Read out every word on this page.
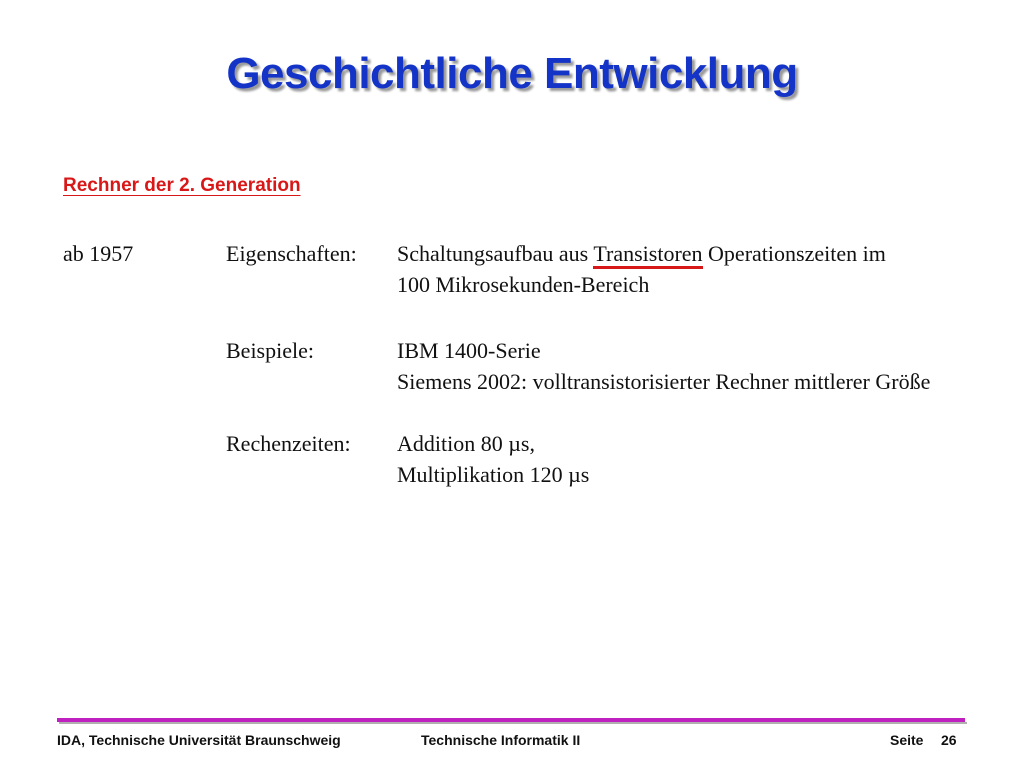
Geschichtliche Entwicklung
Rechner der 2. Generation
ab 1957	Eigenschaften: Schaltungsaufbau aus Transistoren Operationszeiten im
100 Mikrosekunden-Bereich
Beispiele:	IBM 1400-Serie
Siemens 2002: volltransistorisierter Rechner mittlerer Größe
Rechenzeiten: Addition 80 µs,
Multiplikation 120 µs
IDA, Technische Universität Braunschweig	Technische Informatik II	Seite 26
